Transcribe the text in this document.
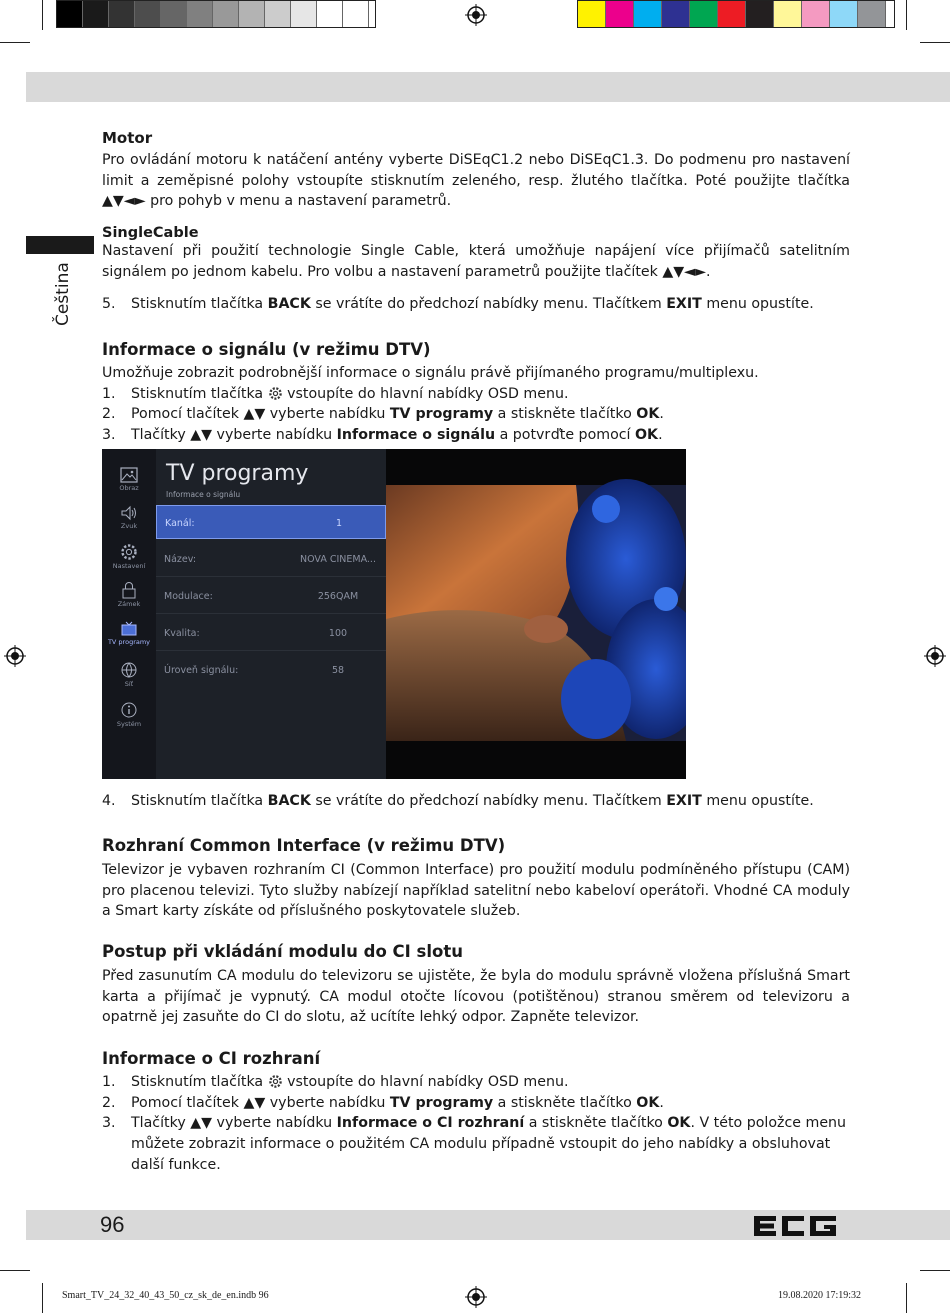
Čeština

Motor

Pro ovládání motoru k natáčení antény vyberte DiSEqC1.2 nebo DiSEqC1.3. Do podmenu pro nastavení limit a zeměpisné polohy vstoupíte stisknutím zeleného, resp. žlutého tlačítka. Poté použijte tlačítka ▲▼◄► pro pohyb v menu a nastavení parametrů.

SingleCable

Nastavení při použití technologie Single Cable, která umožňuje napájení více přijímačů satelitním signálem po jednom kabelu. Pro volbu a nastavení parametrů použijte tlačítek ▲▼◄►.

5.	Stisknutím tlačítka BACK se vrátíte do předchozí nabídky menu. Tlačítkem EXIT menu opustíte.

Informace o signálu (v režimu DTV)

Umožňuje zobrazit podrobnější informace o signálu právě přijímaného programu/multiplexu.

1.	Stisknutím tlačítka  vstoupíte do hlavní nabídky OSD menu.
2.	Pomocí tlačítek ▲▼ vyberte nabídku TV programy a stiskněte tlačítko OK.
3.	Tlačítky ▲▼ vyberte nabídku Informace o signálu a potvrďte pomocí OK.
Obraz
Zvuk
Nastavení
Zámek
TV programy
Síť
Systém
TV programy
Informace o signálu
Kanál:	1
Název:	NOVA CINEMA...
Modulace:	256QAM
Kvalita:	100
Úroveň signálu:	58
4.	Stisknutím tlačítka BACK se vrátíte do předchozí nabídky menu. Tlačítkem EXIT menu opustíte.

Rozhraní Common Interface (v režimu DTV)

Televizor je vybaven rozhraním CI (Common Interface) pro použití modulu podmíněného přístupu (CAM) pro placenou televizi. Tyto služby nabízejí například satelitní nebo kabeloví operátoři. Vhodné CA moduly a Smart karty získáte od příslušného poskytovatele služeb.

Postup při vkládání modulu do CI slotu

Před zasunutím CA modulu do televizoru se ujistěte, že byla do modulu správně vložena příslušná Smart karta a přijímač je vypnutý. CA modul otočte lícovou (potištěnou) stranou směrem od televizoru a opatrně jej zasuňte do CI do slotu, až ucítíte lehký odpor. Zapněte televizor.

Informace o CI rozhraní

1.	Stisknutím tlačítka  vstoupíte do hlavní nabídky OSD menu.
2.	Pomocí tlačítek ▲▼ vyberte nabídku TV programy a stiskněte tlačítko OK.
3.	Tlačítky ▲▼ vyberte nabídku Informace o CI rozhraní a stiskněte tlačítko OK. V této položce menu můžete zobrazit informace o použitém CA modulu případně vstoupit do jeho nabídky a obsluhovat další funkce.
96
Smart_TV_24_32_40_43_50_cz_sk_de_en.indb 96	19.08.2020 17:19:32
